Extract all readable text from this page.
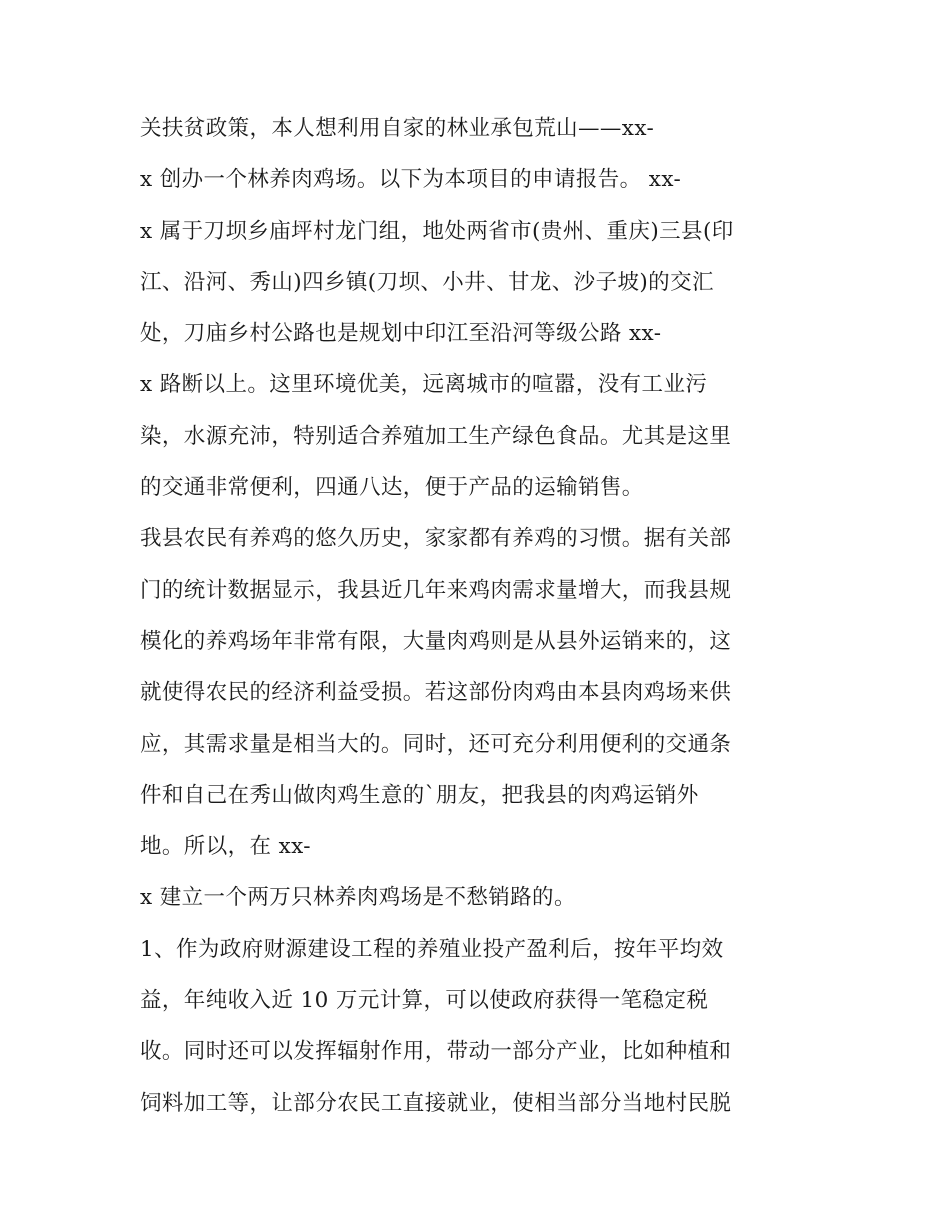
关扶贫政策，本人想利用自家的林业承包荒山——xx-
x 创办一个林养肉鸡场。以下为本项目的申请报告。 xx-
x 属于刀坝乡庙坪村龙门组，地处两省市(贵州、重庆)三县(印
江、沿河、秀山)四乡镇(刀坝、小井、甘龙、沙子坡)的交汇
处，刀庙乡村公路也是规划中印江至沿河等级公路 xx-
x 路断以上。这里环境优美，远离城市的喧嚣，没有工业污
染，水源充沛，特别适合养殖加工生产绿色食品。尤其是这里
的交通非常便利，四通八达，便于产品的运输销售。
我县农民有养鸡的悠久历史，家家都有养鸡的习惯。据有关部
门的统计数据显示，我县近几年来鸡肉需求量增大，而我县规
模化的养鸡场年非常有限，大量肉鸡则是从县外运销来的，这
就使得农民的经济利益受损。若这部份肉鸡由本县肉鸡场来供
应，其需求量是相当大的。同时，还可充分利用便利的交通条
件和自己在秀山做肉鸡生意的`朋友，把我县的肉鸡运销外
地。所以，在 xx-
x 建立一个两万只林养肉鸡场是不愁销路的。
1、作为政府财源建设工程的养殖业投产盈利后，按年平均效
益，年纯收入近 10 万元计算，可以使政府获得一笔稳定税
收。同时还可以发挥辐射作用，带动一部分产业，比如种植和
饲料加工等，让部分农民工直接就业，使相当部分当地村民脱
